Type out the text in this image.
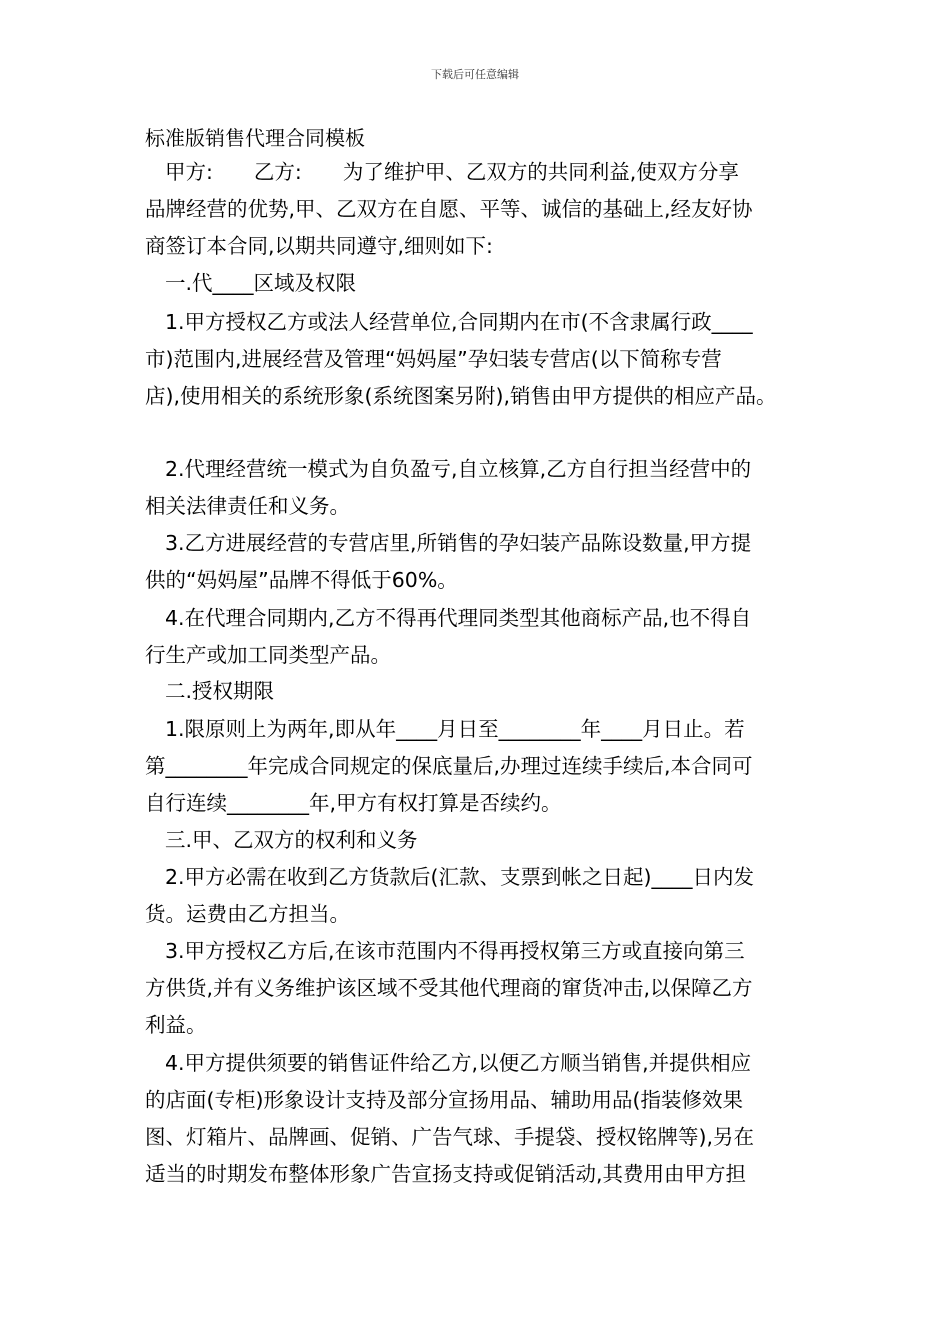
下载后可任意编辑
标准版销售代理合同模板
甲方:　　乙方:　　为了维护甲、乙双方的共同利益,使双方分享
品牌经营的优势,甲、乙双方在自愿、平等、诚信的基础上,经友好协
商签订本合同,以期共同遵守,细则如下:
一.代____区域及权限
1.甲方授权乙方或法人经营单位,合同期内在市(不含隶属行政____
市)范围内,进展经营及管理“妈妈屋”孕妇装专营店(以下简称专营
店),使用相关的系统形象(系统图案另附),销售由甲方提供的相应产品。
2.代理经营统一模式为自负盈亏,自立核算,乙方自行担当经营中的
相关法律责任和义务。
3.乙方进展经营的专营店里,所销售的孕妇装产品陈设数量,甲方提
供的“妈妈屋”品牌不得低于60%。
4.在代理合同期内,乙方不得再代理同类型其他商标产品,也不得自
行生产或加工同类型产品。
二.授权期限
1.限原则上为两年,即从年____月日至________年____月日止。若
第________年完成合同规定的保底量后,办理过连续手续后,本合同可
自行连续________年,甲方有权打算是否续约。
三.甲、乙双方的权利和义务
2.甲方必需在收到乙方货款后(汇款、支票到帐之日起)____日内发
货。运费由乙方担当。
3.甲方授权乙方后,在该市范围内不得再授权第三方或直接向第三
方供货,并有义务维护该区域不受其他代理商的窜货冲击,以保障乙方
利益。
4.甲方提供须要的销售证件给乙方,以便乙方顺当销售,并提供相应
的店面(专柜)形象设计支持及部分宣扬用品、辅助用品(指装修效果
图、灯箱片、品牌画、促销、广告气球、手提袋、授权铭牌等),另在
适当的时期发布整体形象广告宣扬支持或促销活动,其费用由甲方担
